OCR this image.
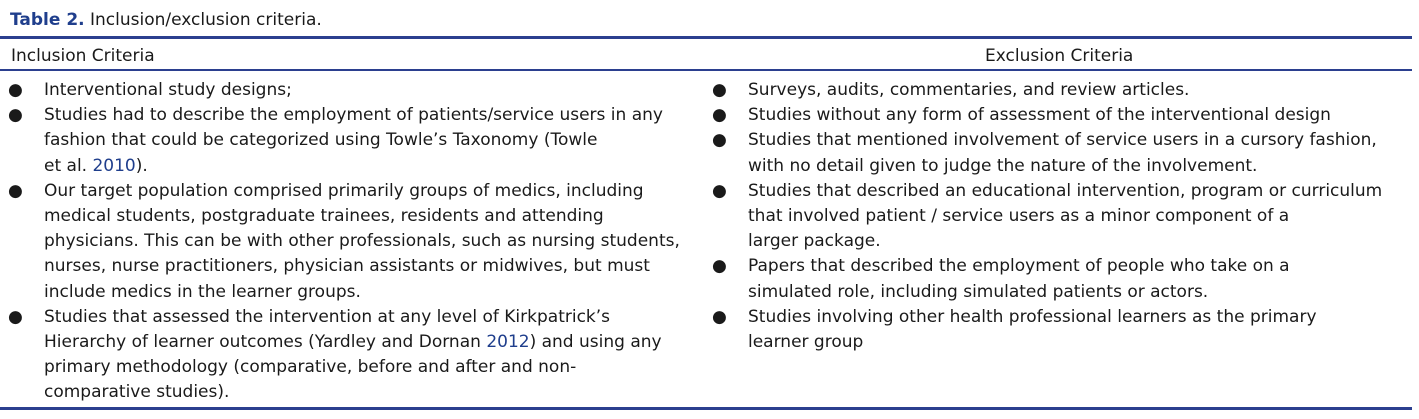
Table 2. Inclusion/exclusion criteria.
Inclusion Criteria	Exclusion Criteria
● Interventional study designs;
● Studies had to describe the employment of patients/service users in any
fashion that could be categorized using Towle’s Taxonomy (Towle
et al. 2010).
● Our target population comprised primarily groups of medics, including
medical students, postgraduate trainees, residents and attending
physicians. This can be with other professionals, such as nursing students,
nurses, nurse practitioners, physician assistants or midwives, but must
include medics in the learner groups.
● Studies that assessed the intervention at any level of Kirkpatrick’s
Hierarchy of learner outcomes (Yardley and Dornan 2012) and using any
primary methodology (comparative, before and after and non-
comparative studies).
● Surveys, audits, commentaries, and review articles.
● Studies without any form of assessment of the interventional design
● Studies that mentioned involvement of service users in a cursory fashion,
with no detail given to judge the nature of the involvement.
● Studies that described an educational intervention, program or curriculum
that involved patient / service users as a minor component of a
larger package.
● Papers that described the employment of people who take on a
simulated role, including simulated patients or actors.
● Studies involving other health professional learners as the primary
learner group
